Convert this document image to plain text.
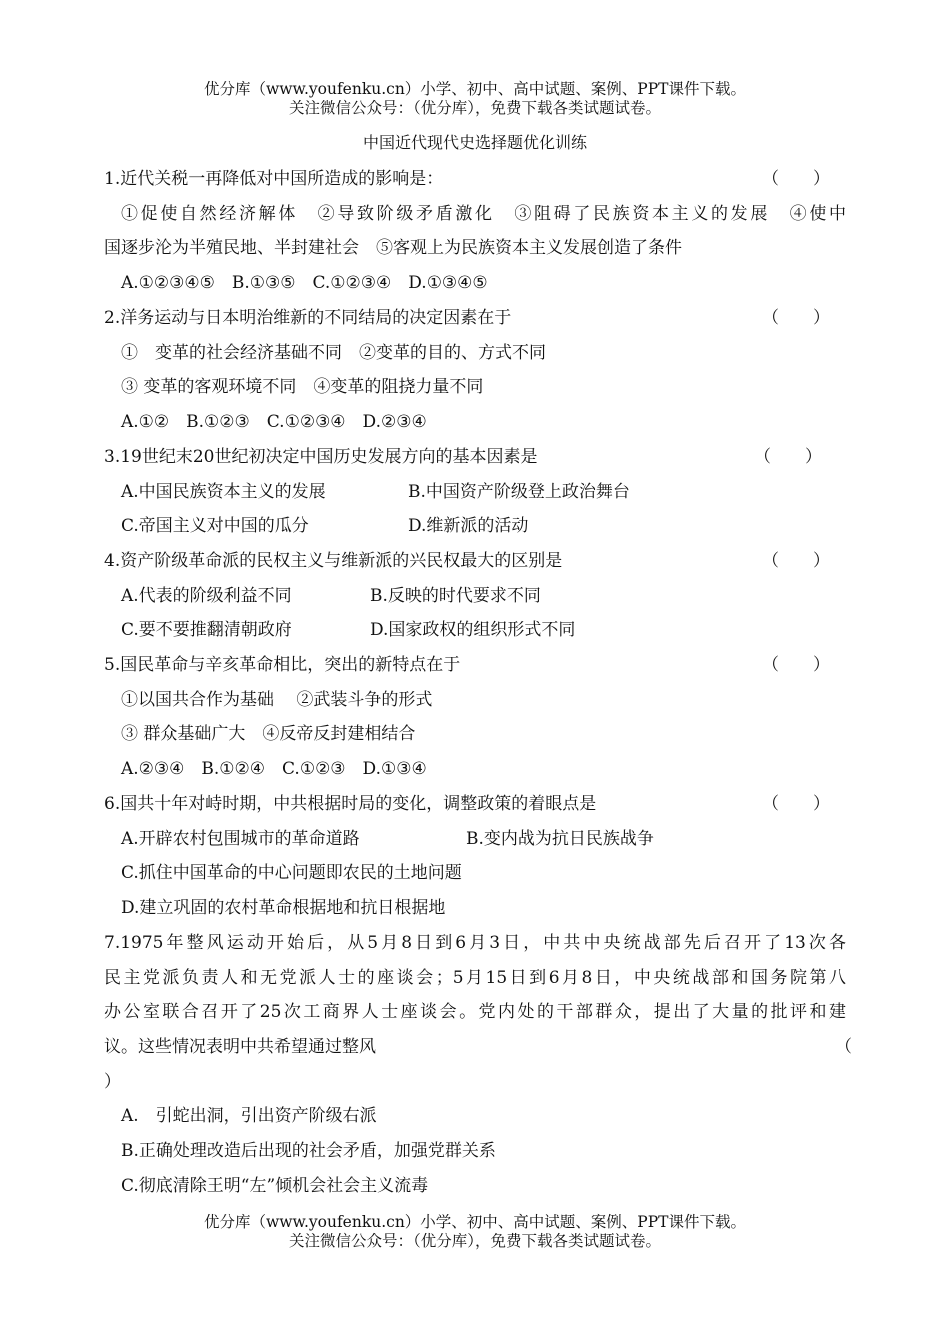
优分库（www.youfenku.cn）小学、初中、高中试题、案例、PPT课件下载。
关注微信公众号：（优分库），免费下载各类试题试卷。
中国近代现代史选择题优化训练
1.近代关税一再降低对中国所造成的影响是：	（　　）
①促使自然经济解体　②导致阶级矛盾激化　③阻碍了民族资本主义的发展　④使中
国逐步沦为半殖民地、半封建社会　⑤客观上为民族资本主义发展创造了条件
A.①②③④⑤　B.①③⑤　C.①②③④　D.①③④⑤
2.洋务运动与日本明治维新的不同结局的决定因素在于	（　　）
①　变革的社会经济基础不同　②变革的目的、方式不同
③ 变革的客观环境不同　④变革的阻挠力量不同
A.①②　B.①②③　C.①②③④　D.②③④
3.19世纪末20世纪初决定中国历史发展方向的基本因素是	（　　）
A.中国民族资本主义的发展	B.中国资产阶级登上政治舞台
C.帝国主义对中国的瓜分	D.维新派的活动
4.资产阶级革命派的民权主义与维新派的兴民权最大的区别是	（　　）
A.代表的阶级利益不同	B.反映的时代要求不同
C.要不要推翻清朝政府	D.国家政权的组织形式不同
5.国民革命与辛亥革命相比，突出的新特点在于	（　　）
①以国共合作为基础　 ②武装斗争的形式
③ 群众基础广大　④反帝反封建相结合
A.②③④　B.①②④　C.①②③　D.①③④
6.国共十年对峙时期，中共根据时局的变化，调整政策的着眼点是	（　　）
A.开辟农村包围城市的革命道路	B.变内战为抗日民族战争
C.抓住中国革命的中心问题即农民的土地问题
D.建立巩固的农村革命根据地和抗日根据地
7.1975年整风运动开始后，从5月8日到6月3日，中共中央统战部先后召开了13次各
民主党派负责人和无党派人士的座谈会；5月15日到6月8日，中央统战部和国务院第八
办公室联合召开了25次工商界人士座谈会。党内处的干部群众，提出了大量的批评和建
议。这些情况表明中共希望通过整风	（
）
A.　引蛇出洞，引出资产阶级右派
B.正确处理改造后出现的社会矛盾，加强党群关系
C.彻底清除王明“左”倾机会社会主义流毒
优分库（www.youfenku.cn）小学、初中、高中试题、案例、PPT课件下载。
关注微信公众号：（优分库），免费下载各类试题试卷。
